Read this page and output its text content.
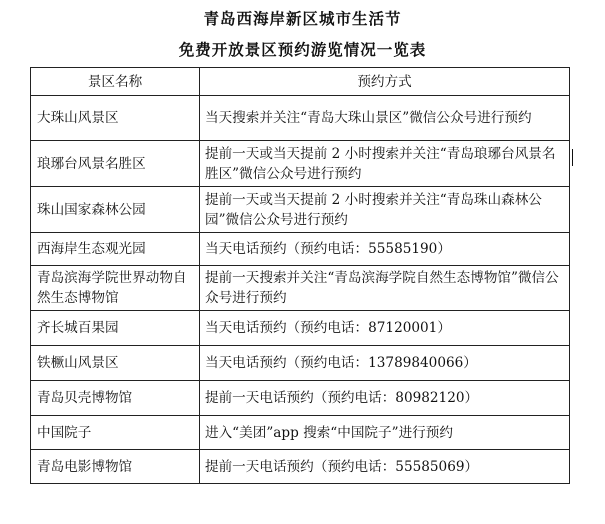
青岛西海岸新区城市生活节
免费开放景区预约游览情况一览表
景区名称	预约方式
大珠山风景区	当天搜索并关注“青岛大珠山景区”微信公众号进行预约
琅琊台风景名胜区	提前一天或当天提前 2 小时搜索并关注“青岛琅琊台风景名胜区”微信公众号进行预约
珠山国家森林公园	提前一天或当天提前 2 小时搜索并关注“青岛珠山森林公园”微信公众号进行预约
西海岸生态观光园	当天电话预约（预约电话：55585190）
青岛滨海学院世界动物自然生态博物馆	提前一天搜索并关注“青岛滨海学院自然生态博物馆”微信公众号进行预约
齐长城百果园	当天电话预约（预约电话：87120001）
铁橛山风景区	当天电话预约（预约电话：13789840066）
青岛贝壳博物馆	提前一天电话预约（预约电话：80982120）
中国院子	进入“美团”app 搜索“中国院子”进行预约
青岛电影博物馆	提前一天电话预约（预约电话：55585069）
